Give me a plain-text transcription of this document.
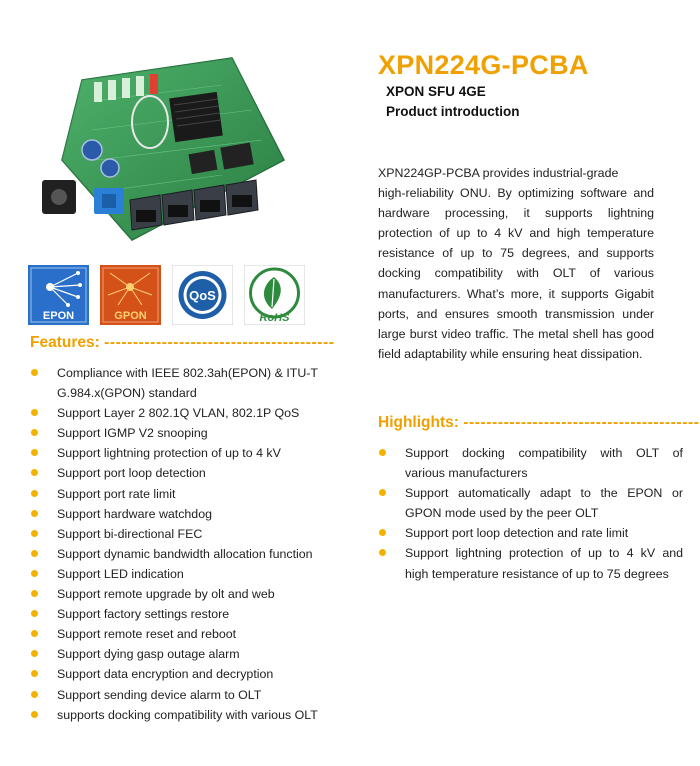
EPON	GPON
QoS
RoHS
XPN224G-PCBA
XPON SFU 4GE
Product introduction
XPN224GP-PCBA provides industrial-grade
high-reliability ONU. By optimizing software and
hardware processing, it supports lightning
protection of up to 4 kV and high temperature
resistance of up to 75 degrees, and supports
docking compatibility with OLT of various
manufacturers. What’s more, it supports Gigabit
ports, and ensures smooth transmission under
large burst video traffic. The metal shell has good
field adaptability while ensuring heat dissipation.
Features: ----------------------------------------
Compliance with IEEE 802.3ah(EPON) & ITU-T
G.984.x(GPON) standard
Support Layer 2 802.1Q VLAN, 802.1P QoS
Support IGMP V2 snooping
Support lightning protection of up to 4 kV
Support port loop detection
Support port rate limit
Support hardware watchdog
Support bi-directional FEC
Support dynamic bandwidth allocation function
Support LED indication
Support remote upgrade by olt and web
Support factory settings restore
Support remote reset and reboot
Support dying gasp outage alarm
Support data encryption and decryption
Support sending device alarm to OLT
supports docking compatibility with various OLT
Highlights: -----------------------------------------
Support docking compatibility with OLT of
various manufacturers
Support automatically adapt to the EPON or
GPON mode used by the peer OLT
Support port loop detection and rate limit
Support lightning protection of up to 4 kV and
high temperature resistance of up to 75 degrees
